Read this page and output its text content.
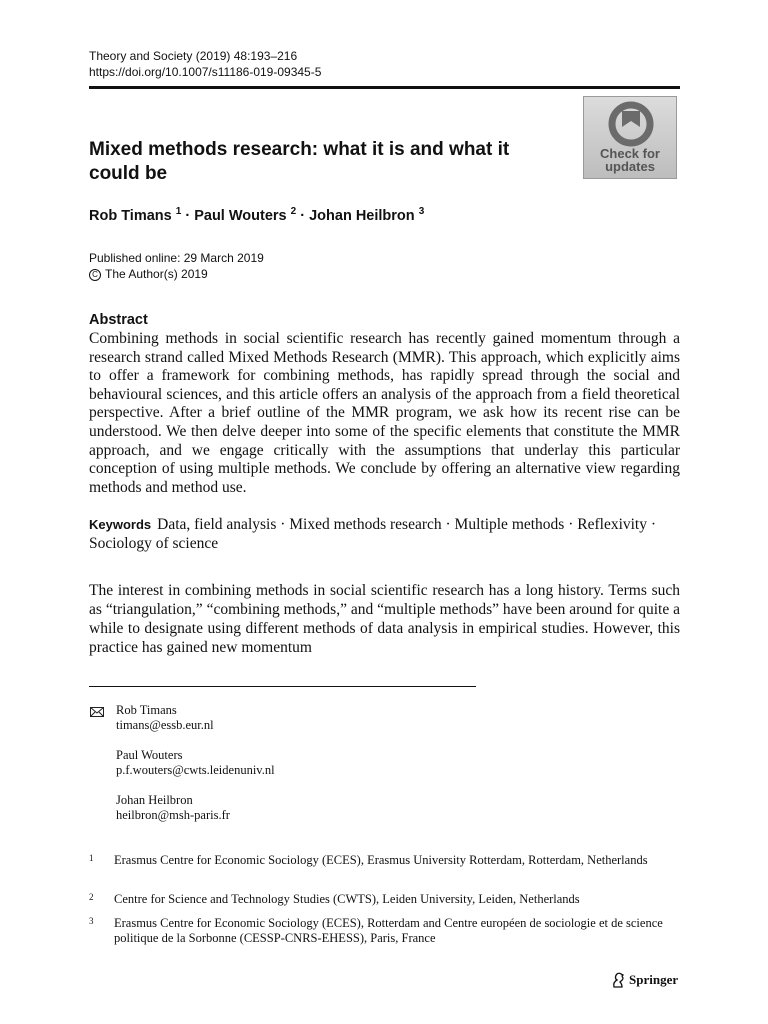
Theory and Society (2019) 48:193–216
https://doi.org/10.1007/s11186-019-09345-5
Check for
updates
Mixed methods research: what it is and what it could be
Rob Timans $^1$ · Paul Wouters $^2$ · Johan Heilbron $^3$
Published online: 29 March 2019
C The Author(s) 2019
Abstract
Combining methods in social scientific research has recently gained momentum through a research strand called Mixed Methods Research (MMR). This approach, which explicitly aims to offer a framework for combining methods, has rapidly spread through the social and behavioural sciences, and this article offers an analysis of the approach from a field theoretical perspective. After a brief outline of the MMR program, we ask how its recent rise can be understood. We then delve deeper into some of the specific elements that constitute the MMR approach, and we engage critically with the assumptions that underlay this particular conception of using multiple methods. We conclude by offering an alternative view regarding methods and method use.
Keywords Data, field analysis · Mixed methods research · Multiple methods · Reflexivity · Sociology of science
The interest in combining methods in social scientific research has a long history. Terms such as “triangulation,” “combining methods,” and “multiple methods” have been around for quite a while to designate using different methods of data analysis in empirical studies. However, this practice has gained new momentum
Rob Timans
timans@essb.eur.nl
Paul Wouters
p.f.wouters@cwts.leidenuniv.nl
Johan Heilbron
heilbron@msh-paris.fr
1 Erasmus Centre for Economic Sociology (ECES), Erasmus University Rotterdam, Rotterdam, Netherlands
2 Centre for Science and Technology Studies (CWTS), Leiden University, Leiden, Netherlands
3 Erasmus Centre for Economic Sociology (ECES), Rotterdam and Centre européen de sociologie et de science politique de la Sorbonne (CESSP-CNRS-EHESS), Paris, France
Springer
